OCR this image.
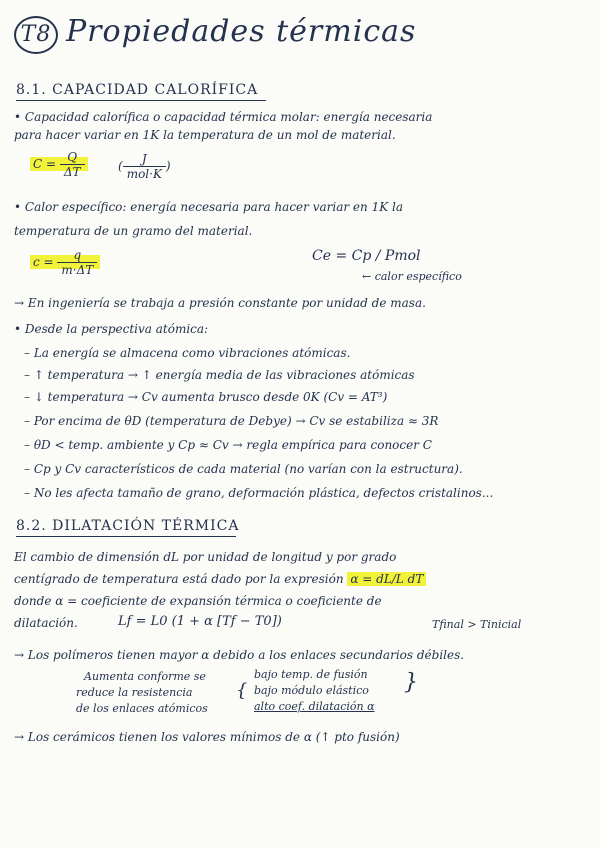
T8 Propiedades térmicas
8.1. CAPACIDAD CALORÍFICA
• Capacidad calorífica o capacidad térmica molar: energía necesaria
para hacer variar en 1K la temperatura de un mol de material.
$C = \frac{Q}{\Delta T}$	( $\frac{J}{\text{mol·K}}$ )
• Calor específico: energía necesaria para hacer variar en 1K la
temperatura de un gramo del material.
$c = \frac{q}{m\cdot\Delta T}$	Ce = Cp / Pmol
← calor específico
→ En ingeniería se trabaja a presión constante por unidad de masa.
• Desde la perspectiva atómica:
– La energía se almacena como vibraciones atómicas.
– ↑ temperatura → ↑ energía media de las vibraciones atómicas
– ↓ temperatura → Cv aumenta brusco desde 0K (Cv = AT³)
– Por encima de θD (temperatura de Debye) → Cv se estabiliza ≈ 3R
– θD < temp. ambiente y Cp ≈ Cv → regla empírica para conocer C
– Cp y Cv característicos de cada material (no varían con la estructura).
– No les afecta tamaño de grano, deformación plástica, defectos cristalinos...
8.2. DILATACIÓN TÉRMICA
El cambio de dimensión dL por unidad de longitud y por grado
centígrado de temperatura está dado por la expresión α = dL/L dT
donde α = coeficiente de expansión térmica o coeficiente de
dilatación.	Lf = L0 (1 + α [Tf − T0])	Tfinal > Tinicial
→ Los polímeros tienen mayor α debido a los enlaces secundarios débiles.
Aumenta conforme se
reduce la resistencia
de los enlaces atómicos
{
bajo temp. de fusión
bajo módulo elástico
alto coef. dilatación α
}
→ Los cerámicos tienen los valores mínimos de α (↑ pto fusión)
